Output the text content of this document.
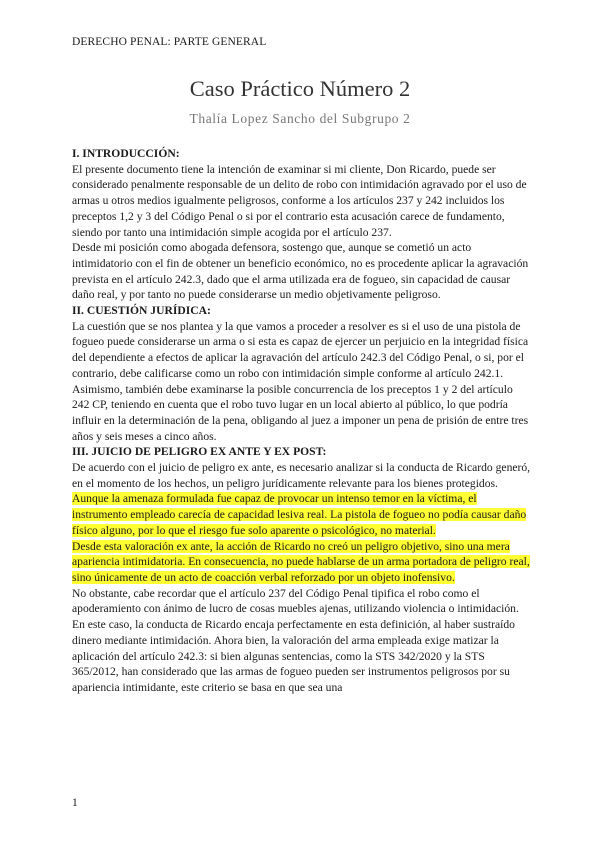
DERECHO PENAL: PARTE GENERAL
Caso Práctico Número 2
Thalía Lopez Sancho del Subgrupo 2

I. INTRODUCCIÓN:

El presente documento tiene la intención de examinar si mi cliente, Don Ricardo, puede ser considerado penalmente responsable de un delito de robo con intimidación agravado por el uso de armas u otros medios igualmente peligrosos, conforme a los artículos 237 y 242 incluidos los preceptos 1,2 y 3 del Código Penal o si por el contrario esta acusación carece de fundamento, siendo por tanto una intimidación simple acogida por el artículo 237.

Desde mi posición como abogada defensora, sostengo que, aunque se cometió un acto intimidatorio con el fin de obtener un beneficio económico, no es procedente aplicar la agravación prevista en el artículo 242.3, dado que el arma utilizada era de fogueo, sin capacidad de causar daño real, y por tanto no puede considerarse un medio objetivamente peligroso.

II. CUESTIÓN JURÍDICA:

La cuestión que se nos plantea y la que vamos a proceder a resolver es si el uso de una pistola de fogueo puede considerarse un arma o si esta es capaz de ejercer un perjuicio en la integridad física del dependiente a efectos de aplicar la agravación del artículo 242.3 del Código Penal, o si, por el contrario, debe calificarse como un robo con intimidación simple conforme al artículo 242.1.

Asimismo, también debe examinarse la posible concurrencia de los preceptos 1 y 2 del artículo 242 CP, teniendo en cuenta que el robo tuvo lugar en un local abierto al público, lo que podría influir en la determinación de la pena, obligando al juez a imponer un pena de prisión de entre tres años y seis meses a cinco años.

III. JUICIO DE PELIGRO EX ANTE Y EX POST:

De acuerdo con el juicio de peligro ex ante, es necesario analizar si la conducta de Ricardo generó, en el momento de los hechos, un peligro jurídicamente relevante para los bienes protegidos.

Aunque la amenaza formulada fue capaz de provocar un intenso temor en la víctima, el instrumento empleado carecía de capacidad lesiva real. La pistola de fogueo no podía causar daño físico alguno, por lo que el riesgo fue solo aparente o psicológico, no material.

Desde esta valoración ex ante, la acción de Ricardo no creó un peligro objetivo, sino una mera apariencia intimidatoria. En consecuencia, no puede hablarse de un arma portadora de peligro real, sino únicamente de un acto de coacción verbal reforzado por un objeto inofensivo.

No obstante, cabe recordar que el artículo 237 del Código Penal tipifica el robo como el apoderamiento con ánimo de lucro de cosas muebles ajenas, utilizando violencia o intimidación. En este caso, la conducta de Ricardo encaja perfectamente en esta definición, al haber sustraído dinero mediante intimidación. Ahora bien, la valoración del arma empleada exige matizar la aplicación del artículo 242.3: si bien algunas sentencias, como la STS 342/2020 y la STS 365/2012, han considerado que las armas de fogueo pueden ser instrumentos peligrosos por su apariencia intimidante, este criterio se basa en que sea una

1
